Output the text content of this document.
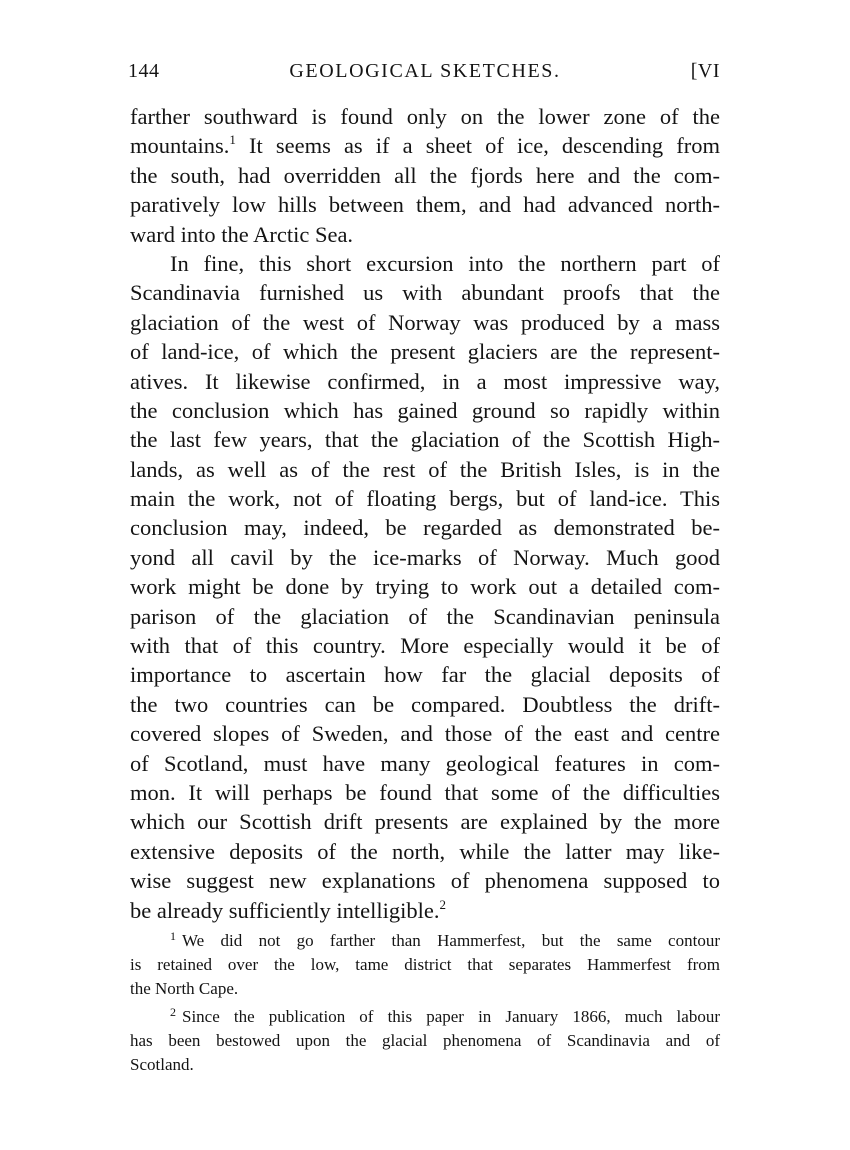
144	GEOLOGICAL SKETCHES.	[VI
farther southward is found only on the lower zone of the
mountains.$^1$ It seems as if a sheet of ice, descending from
the south, had overridden all the fjords here and the com-
paratively low hills between them, and had advanced north-
ward into the Arctic Sea.
In fine, this short excursion into the northern part of
Scandinavia furnished us with abundant proofs that the
glaciation of the west of Norway was produced by a mass
of land-ice, of which the present glaciers are the represent-
atives. It likewise confirmed, in a most impressive way,
the conclusion which has gained ground so rapidly within
the last few years, that the glaciation of the Scottish High-
lands, as well as of the rest of the British Isles, is in the
main the work, not of floating bergs, but of land-ice. This
conclusion may, indeed, be regarded as demonstrated be-
yond all cavil by the ice-marks of Norway. Much good
work might be done by trying to work out a detailed com-
parison of the glaciation of the Scandinavian peninsula
with that of this country. More especially would it be of
importance to ascertain how far the glacial deposits of
the two countries can be compared. Doubtless the drift-
covered slopes of Sweden, and those of the east and centre
of Scotland, must have many geological features in com-
mon. It will perhaps be found that some of the difficulties
which our Scottish drift presents are explained by the more
extensive deposits of the north, while the latter may like-
wise suggest new explanations of phenomena supposed to
be already sufficiently intelligible.$^2$
$^1$ We did not go farther than Hammerfest, but the same contour
is retained over the low, tame district that separates Hammerfest from
the North Cape.
$^2$ Since the publication of this paper in January 1866, much labour
has been bestowed upon the glacial phenomena of Scandinavia and of
Scotland.
